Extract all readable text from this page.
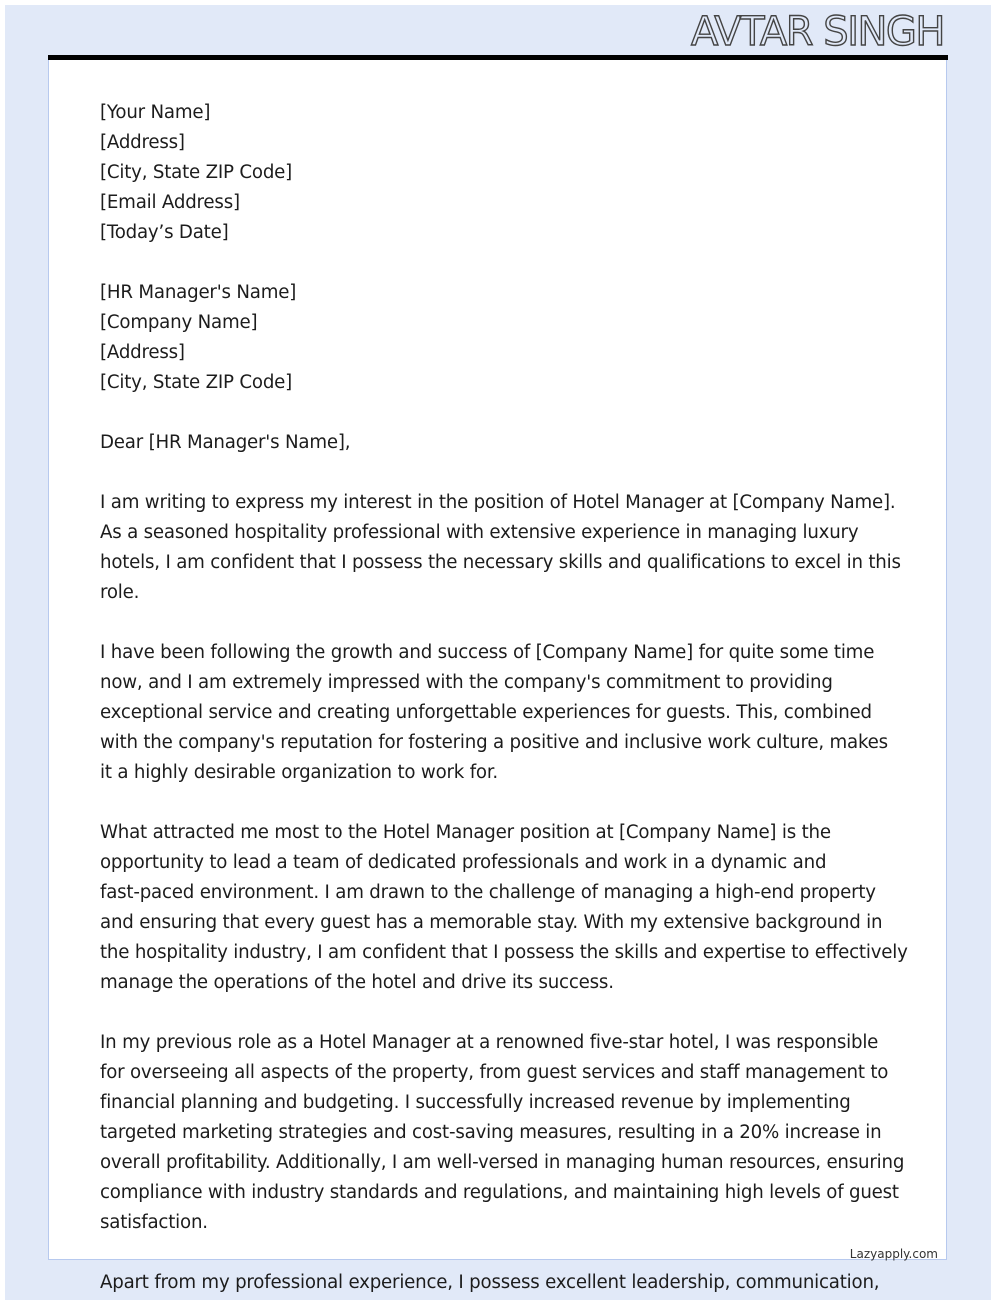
AVTAR SINGH
Lazyapply.com
[Your Name]
[Address]
[City, State ZIP Code]
[Email Address]
[Today’s Date]
[HR Manager's Name]
[Company Name]
[Address]
[City, State ZIP Code]
Dear [HR Manager's Name],
I am writing to express my interest in the position of Hotel Manager at [Company Name].
As a seasoned hospitality professional with extensive experience in managing luxury
hotels, I am confident that I possess the necessary skills and qualifications to excel in this
role.
I have been following the growth and success of [Company Name] for quite some time
now, and I am extremely impressed with the company's commitment to providing
exceptional service and creating unforgettable experiences for guests. This, combined
with the company's reputation for fostering a positive and inclusive work culture, makes
it a highly desirable organization to work for.
What attracted me most to the Hotel Manager position at [Company Name] is the
opportunity to lead a team of dedicated professionals and work in a dynamic and
fast-paced environment. I am drawn to the challenge of managing a high-end property
and ensuring that every guest has a memorable stay. With my extensive background in
the hospitality industry, I am confident that I possess the skills and expertise to effectively
manage the operations of the hotel and drive its success.
In my previous role as a Hotel Manager at a renowned five-star hotel, I was responsible
for overseeing all aspects of the property, from guest services and staff management to
financial planning and budgeting. I successfully increased revenue by implementing
targeted marketing strategies and cost-saving measures, resulting in a 20% increase in
overall profitability. Additionally, I am well-versed in managing human resources, ensuring
compliance with industry standards and regulations, and maintaining high levels of guest
satisfaction.
Apart from my professional experience, I possess excellent leadership, communication,
